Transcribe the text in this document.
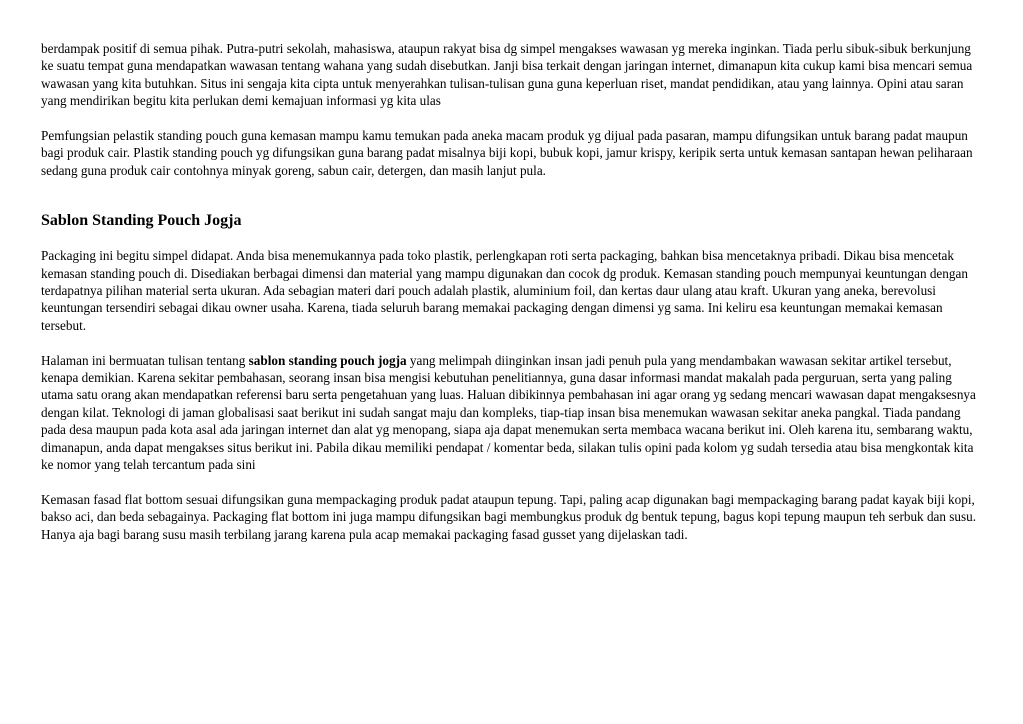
berdampak positif di semua pihak. Putra-putri sekolah, mahasiswa, ataupun rakyat bisa dg simpel mengakses wawasan yg mereka inginkan. Tiada perlu sibuk-sibuk berkunjung ke suatu tempat guna mendapatkan wawasan tentang wahana yang sudah disebutkan. Janji bisa terkait dengan jaringan internet, dimanapun kita cukup kami bisa mencari semua wawasan yang kita butuhkan. Situs ini sengaja kita cipta untuk menyerahkan tulisan-tulisan guna guna keperluan riset, mandat pendidikan, atau yang lainnya. Opini atau saran yang mendirikan begitu kita perlukan demi kemajuan informasi yg kita ulas

Pemfungsian pelastik standing pouch guna kemasan mampu kamu temukan pada aneka macam produk yg dijual pada pasaran, mampu difungsikan untuk barang padat maupun bagi produk cair. Plastik standing pouch yg difungsikan guna barang padat misalnya biji kopi, bubuk kopi, jamur krispy, keripik serta untuk kemasan santapan hewan peliharaan sedang guna produk cair contohnya minyak goreng, sabun cair, detergen, dan masih lanjut pula.

Sablon Standing Pouch Jogja

Packaging ini begitu simpel didapat. Anda bisa menemukannya pada toko plastik, perlengkapan roti serta packaging, bahkan bisa mencetaknya pribadi. Dikau bisa mencetak kemasan standing pouch di. Disediakan berbagai dimensi dan material yang mampu digunakan dan cocok dg produk. Kemasan standing pouch mempunyai keuntungan dengan terdapatnya pilihan material serta ukuran. Ada sebagian materi dari pouch adalah plastik, aluminium foil, dan kertas daur ulang atau kraft. Ukuran yang aneka, berevolusi keuntungan tersendiri sebagai dikau owner usaha. Karena, tiada seluruh barang memakai packaging dengan dimensi yg sama. Ini keliru esa keuntungan memakai kemasan tersebut.

Halaman ini bermuatan tulisan tentang sablon standing pouch jogja yang melimpah diinginkan insan jadi penuh pula yang mendambakan wawasan sekitar artikel tersebut, kenapa demikian. Karena sekitar pembahasan, seorang insan bisa mengisi kebutuhan penelitiannya, guna dasar informasi mandat makalah pada perguruan, serta yang paling utama satu orang akan mendapatkan referensi baru serta pengetahuan yang luas. Haluan dibikinnya pembahasan ini agar orang yg sedang mencari wawasan dapat mengaksesnya dengan kilat. Teknologi di jaman globalisasi saat berikut ini sudah sangat maju dan kompleks, tiap-tiap insan bisa menemukan wawasan sekitar aneka pangkal. Tiada pandang pada desa maupun pada kota asal ada jaringan internet dan alat yg menopang, siapa aja dapat menemukan serta membaca wacana berikut ini. Oleh karena itu, sembarang waktu, dimanapun, anda dapat mengakses situs berikut ini. Pabila dikau memiliki pendapat / komentar beda, silakan tulis opini pada kolom yg sudah tersedia atau bisa mengkontak kita ke nomor yang telah tercantum pada sini

Kemasan fasad flat bottom sesuai difungsikan guna mempackaging produk padat ataupun tepung. Tapi, paling acap digunakan bagi mempackaging barang padat kayak biji kopi, bakso aci, dan beda sebagainya. Packaging flat bottom ini juga mampu difungsikan bagi membungkus produk dg bentuk tepung, bagus kopi tepung maupun teh serbuk dan susu. Hanya aja bagi barang susu masih terbilang jarang karena pula acap memakai packaging fasad gusset yang dijelaskan tadi.
